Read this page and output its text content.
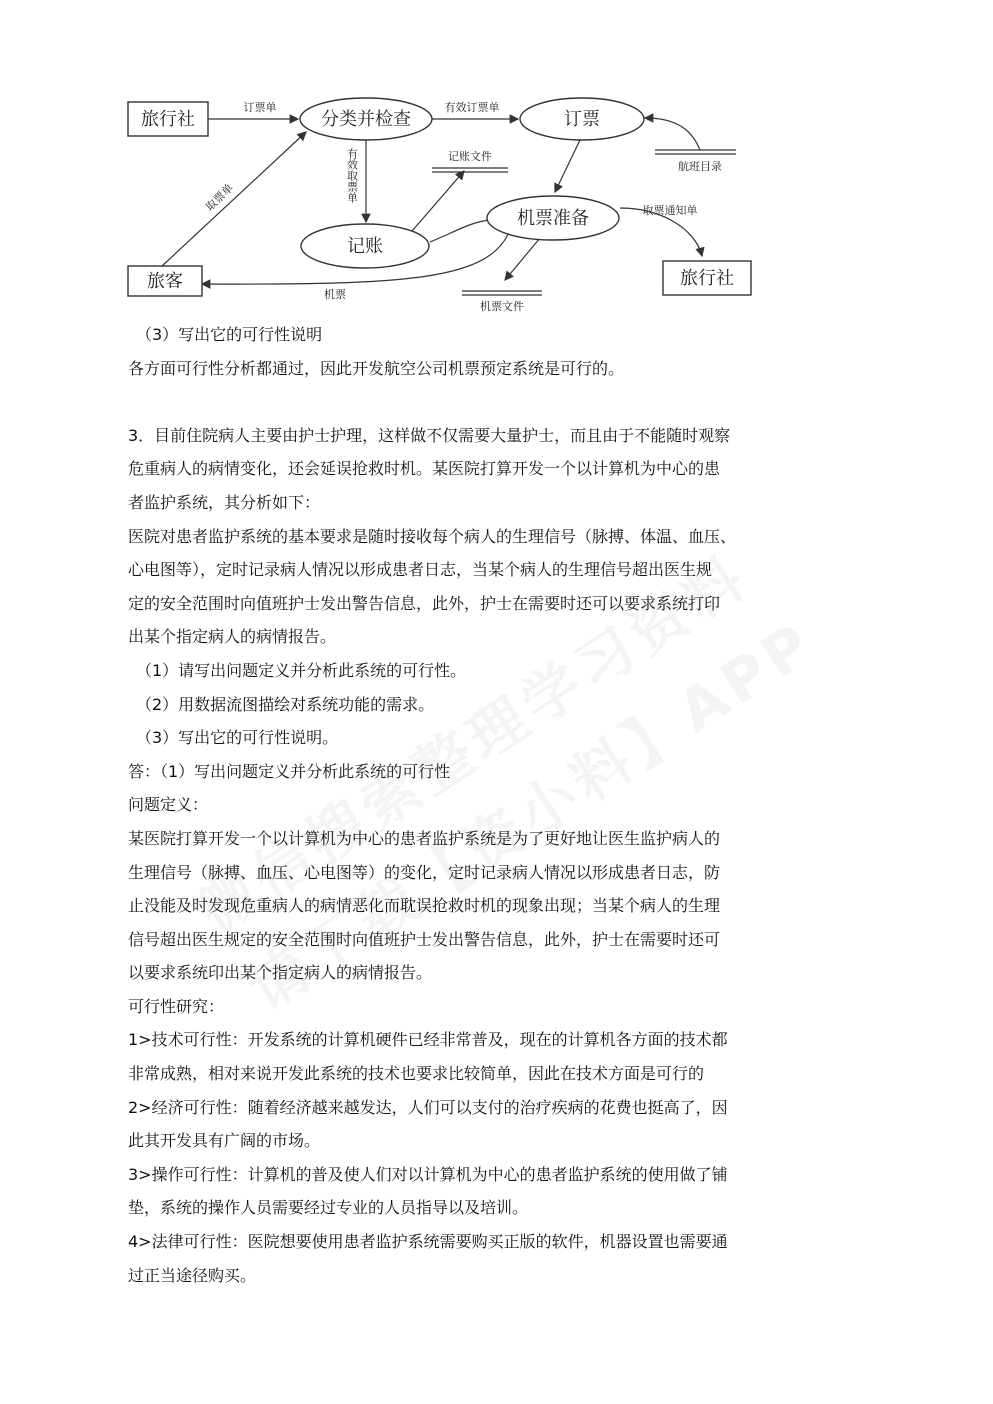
旅行社
旅客	旅行社
分类并检查	订票
记账
机票准备
记账文件
航班目录
机票文件
订票单	有效订票单
有效取票单
取票单
机票
取票通知单

（3）写出它的可行性说明

各方面可行性分析都通过，因此开发航空公司机票预定系统是可行的。

3．目前住院病人主要由护士护理，这样做不仅需要大量护士，而且由于不能随时观察

危重病人的病情变化，还会延误抢救时机。某医院打算开发一个以计算机为中心的患

者监护系统，其分析如下：

医院对患者监护系统的基本要求是随时接收每个病人的生理信号（脉搏、体温、血压、

心电图等），定时记录病人情况以形成患者日志，当某个病人的生理信号超出医生规

定的安全范围时向值班护士发出警告信息，此外，护士在需要时还可以要求系统打印

出某个指定病人的病情报告。

（1）请写出问题定义并分析此系统的可行性。

（2）用数据流图描绘对系统功能的需求。

（3）写出它的可行性说明。

答：（1）写出问题定义并分析此系统的可行性

问题定义：

某医院打算开发一个以计算机为中心的患者监护系统是为了更好地让医生监护病人的

生理信号（脉搏、血压、心电图等）的变化，定时记录病人情况以形成患者日志，防

止没能及时发现危重病人的病情恶化而耽误抢救时机的现象出现；当某个病人的生理

信号超出医生规定的安全范围时向值班护士发出警告信息，此外，护士在需要时还可

以要求系统印出某个指定病人的病情报告。

可行性研究：

1>技术可行性：开发系统的计算机硬件已经非常普及，现在的计算机各方面的技术都

非常成熟，相对来说开发此系统的技术也要求比较简单，因此在技术方面是可行的

2>经济可行性：随着经济越来越发达，人们可以支付的治疗疾病的花费也挺高了，因

此其开发具有广阔的市场。

3>操作可行性：计算机的普及使人们对以计算机为中心的患者监护系统的使用做了铺

垫，系统的操作人员需要经过专业的人员指导以及培训。

4>法律可行性：医院想要使用患者监护系统需要购买正版的软件，机器设置也需要通

过正当途径购买。
